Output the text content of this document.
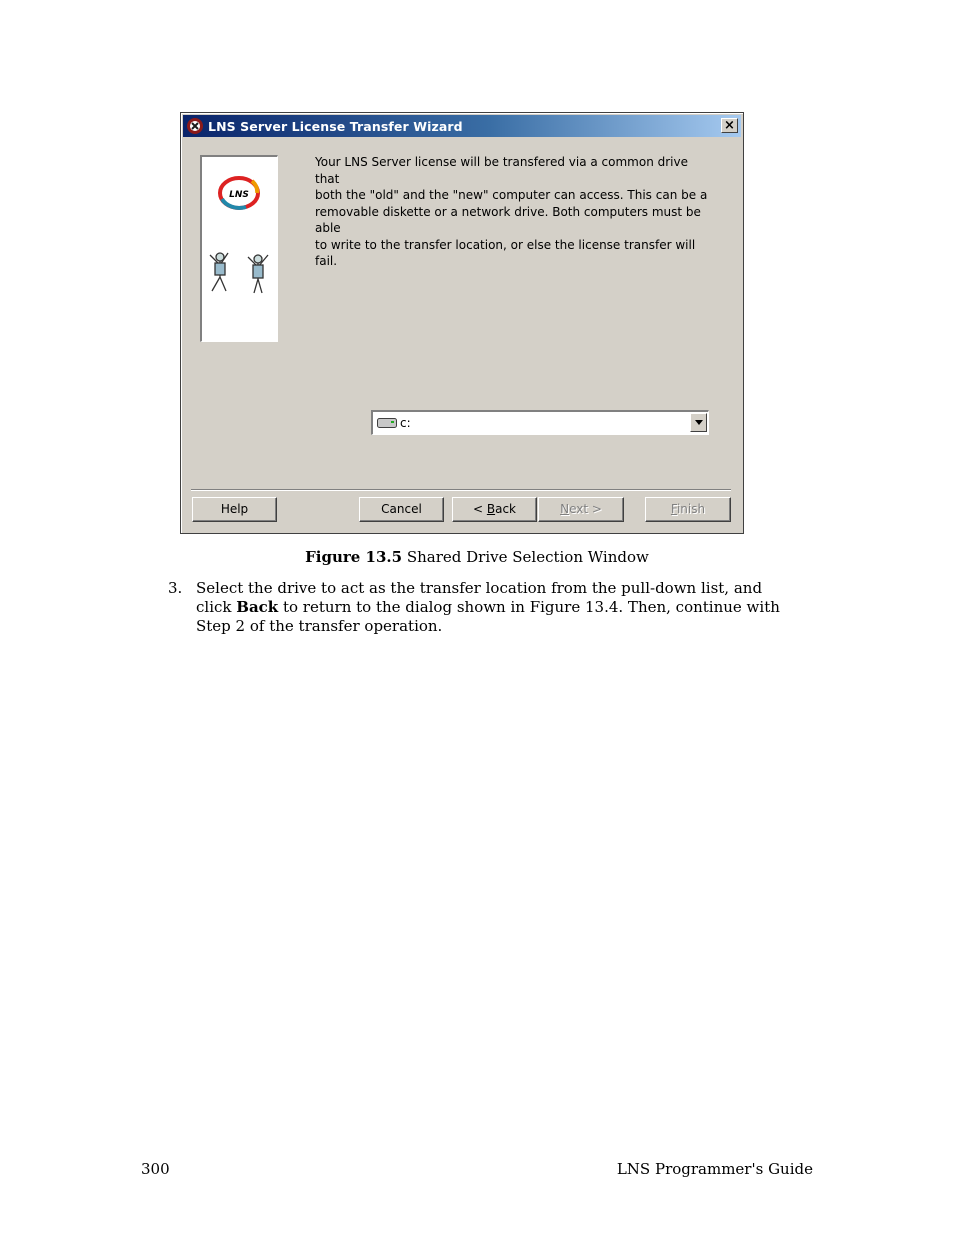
LNS Server License Transfer Wizard	×
LNS

Your LNS Server license will be transfered via a common drive that
both the "old" and the "new" computer can access. This can be a
removable diskette or a network drive. Both computers must be able
to write to the transfer location, or else the license transfer will fail.

c:
Help	Cancel	< Back	Next >	Finish
Figure 13.5 Shared Drive Selection Window
3. Select the drive to act as the transfer location from the pull-down list, and click Back to return to the dialog shown in Figure 13.4. Then, continue with Step 2 of the transfer operation.

300	LNS Programmer's Guide
